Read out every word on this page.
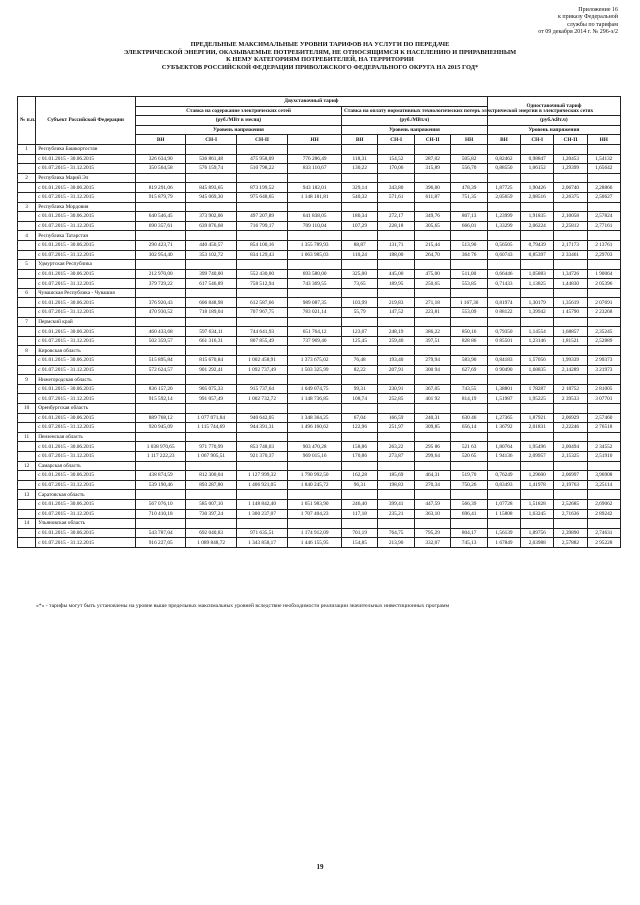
Приложение 16
к приказу Федеральной
службы по тарифам
от 09 декабря 2014 г. № 296-э/2
ПРЕДЕЛЬНЫЕ МАКСИМАЛЬНЫЕ УРОВНИ ТАРИФОВ НА УСЛУГИ ПО ПЕРЕДАЧЕ
ЭЛЕКТРИЧЕСКОЙ ЭНЕРГИИ, ОКАЗЫВАЕМЫЕ ПОТРЕБИТЕЛЯМ, НЕ ОТНОСЯЩИМСЯ К НАСЕЛЕНИЮ И ПРИРАВНЕННЫМ
К НЕМУ КАТЕГОРИЯМ ПОТРЕБИТЕЛЕЙ, НА ТЕРРИТОРИИ
СУБЪЕКТОВ РОССИЙСКОЙ ФЕДЕРАЦИИ ПРИВОЛЖСКОГО ФЕДЕРАЛЬНОГО ОКРУГА НА 2015 ГОД*
№ п.п.	Субъект Российской Федерации	Двухставочный тариф								Одноставочный тариф			
		Ставка на содержание электрических сетей				Ставка на оплату нормативных технологических потерь электрической энергии в электрических сетях							
		(руб./МВт в месяц)				(руб./МВт.ч)				(руб./кВт.ч)			
		Уровень напряжения				Уровень напряжения				Уровень напряжения			
		ВН	СН-I	СН-II	НН	ВН	СН-I	СН-II	НН	ВН	СН-I	СН-II	НН
1	Республика Башкортостан												
	с 01.01.2015 - 30.06.2015	326 634,90	536 861,48	475 958,09	776 286,49	118,31	154,52	287,02	505,82	0,82462	0,98847	1,20453	1,54132
	с 01.07.2015 - 31.12.2015	350 564,58	576 159,74	510 798,22	833 110,67	130,22	170,06	315,89	556,70	0,88550	1,06152	1,29399	1,65642
2	Республика Марий Эл												
	с 01.01.2015 - 30.06.2015	819 291,06	845 893,65	873 199,52	943 182,01	329,14	343,80	396,00	478,39	1,87725	1,90426	2,06740	2,28866
	с 01.07.2015 - 31.12.2015	915 879,79	945 069,30	975 648,65	1 148 181,81	540,32	571,61	611,87	751,35	2,05659	2,08516	2,26375	2,50627
3	Республика Мордовия												
	с 01.01.2015 - 30.06.2015	640 546,45	373 902,06	497 207,89	641 838,05	180,34	272,17	349,76	807,13	1,23999	1,91835	2,10058	2,57824
	с 01.07.2015 - 31.12.2015	690 357,61	639 876,68	716 799,17	709 110,04	107,29	228,18	305,65	666,01	1,33299	2,06224	2,25812	2,77161
4	Республика Татарстан												
	с 01.01.2015 - 30.06.2015	290 423,71	440 450,57	854 100,16	1 355 789,93	88,87	131,71	215,44	513,90	0,56505	0,79439	2,17173	2 13761
	с 01.07.2015 - 31.12.2015	302 954,40	353 102,72	834 129,43	1 063 985,03	110,24	188,00	264,70	364 76	0,60743	0,85397	2 33461	2,29703
5	Удмуртская Республика												
	с 01.01.2015 - 30.06.2015	212 970,00	399 740,00	552 430,00	693 580,00	325,00	445,00	475,00	511,00	0,66446	1,05883	1,34726	1 90064
	с 01.07.2015 - 31.12.2015	379 729,22	617 546,89	758 512,94	743 369,55	73,65	189,95	250,65	553,85	0,71433	1,13825	1,44830	2 05396
6	Чувашская Республика - Чувашия												
	с 01.01.2015 - 30.06.2015	376 920,43	606 848,98	612 587,66	989 087,35	103,99	219,83	271,18	1 167,30	0,81974	1,30179	1,35619	2 07691
	с 01.07.2015 - 31.12.2015	470 930,52	718 189,04	707 967,75	783 021,14	55,79	147,52	223,81	553,09	0 88122	1,39942	1 45790	2 23268
7	Пермский край												
	с 01.01.2015 - 30.06.2015	460 433,68	597 634,11	744 641,93	651 764,12	123,07	248,19	386,22	850,16	0,79350	1,14554	1,68857	2,35245
	с 01.07.2015 - 31.12.2015	502 359,57	661 316,31	807 855,49	737 969,40	125,45	259,40	397,51	828 86	0 85501	1,23146	1,81521	2,52889
8	Кировская область												
	с 01.01.2015 - 30.06.2015	515 895,84	815 670,84	1 002 458,91	1 373 675,02	76,48	193,40	279,94	583,90	0,84183	1,57056	1,99339	2 99373
	с 01.07.2015 - 31.12.2015	572 624,57	901 292,41	1 092 737,49	1 503 325,99	82,22	207,91	300 94	627,69	0 90490	1,68835	2,14289	3 21973
9	Нижегородская область												
	с 01.01.2015 - 30.06.2015	836 157,20	905 075,33	915 737,64	1 049 074,75	99,31	230,91	367,05	743,55	1,38801	1 78287	2 18752	2 81005
	с 01.07.2015 - 31.12.2015	915 592,14	991 057,49	1 002 732,72	1 148 736,85	108,74	252,85	401 92	814,19	1,51987	1,95225	2 39533	3 07701
10	Оренбургская область												
	с 01.01.2015 - 30.06.2015	889 768,12	1 077 071,84	940 642,05	1 348 364,25	67,04	166,59	240,31	630 46	1,27365	1,87921	2,06929	2,57460
	с 01.07.2015 - 31.12.2015	920 945,09	1 115 744,69	944 391,31	1 496 160,62	122,96	251,97	309,85	656,14	1 36792	2,01831	2,22246	2 76518
11	Пензенская область												
	с 01.01.2015 - 30.06.2015	1 038 970,65	971 770,99	853 748,03	903 470,28	158,86	263,22	295 86	521 63	1,80764	1,95496	2,00494	2 34552
	с 01.07.2015 - 31.12.2015	1 117 222,23	1 067 905,51	921 370,37	969 015,16	170,86	273,87	299,64	520 65	1 94136	2,09957	2,15325	2,51910
12	Самарская область												
	с 01.01.2015 - 30.06.2015	438 874,59	812 300,04	1 127 999,32	1 790 992,50	162,28	185,69	464,31	519,70	0,76249	1,29600	2,06997	3,96908
	с 01.07.2015 - 31.12.2015	539 190,46	893 287,80	1 406 921,05	1 840 245,72	96,31	198,83	270,34	750,26	0,83493	1,41978	2,19763	3,25114
13	Саратовская область												
	с 01.01.2015 - 30.06.2015	567 076,10	585 007,10	1 148 842,40	1 651 983,90	246,40	399,41	447,59	566,39	1,07728	1,51828	2,52685	2,69062
	с 01.07.2015 - 31.12.2015	710 410,18	730 397,24	1 300 237,07	1 707 404,23	117,18	235,21	363,10	696,41	1 15808	1,63245	2,71636	2 89242
14	Ульяновская область												
	с 01.01.2015 - 30.06.2015	543 787,04	692 040,83	971 635,51	1 174 912,09	701,19	764,75	795,29	804,17	1,56139	1,89756	2,39890	2,74631
	с 01.07.2015 - 31.12.2015	916 227,05	1 089 848,72	1 343 858,17	1 446 155,95	154,85	213,90	332,07	745,13	1 67849	2,03988	2,57882	2 95228
«*» - тарифы могут быть установлены на уровне выше предельных максимальных уровней вследствие необходимости реализации значительных инвестиционных программ
19
